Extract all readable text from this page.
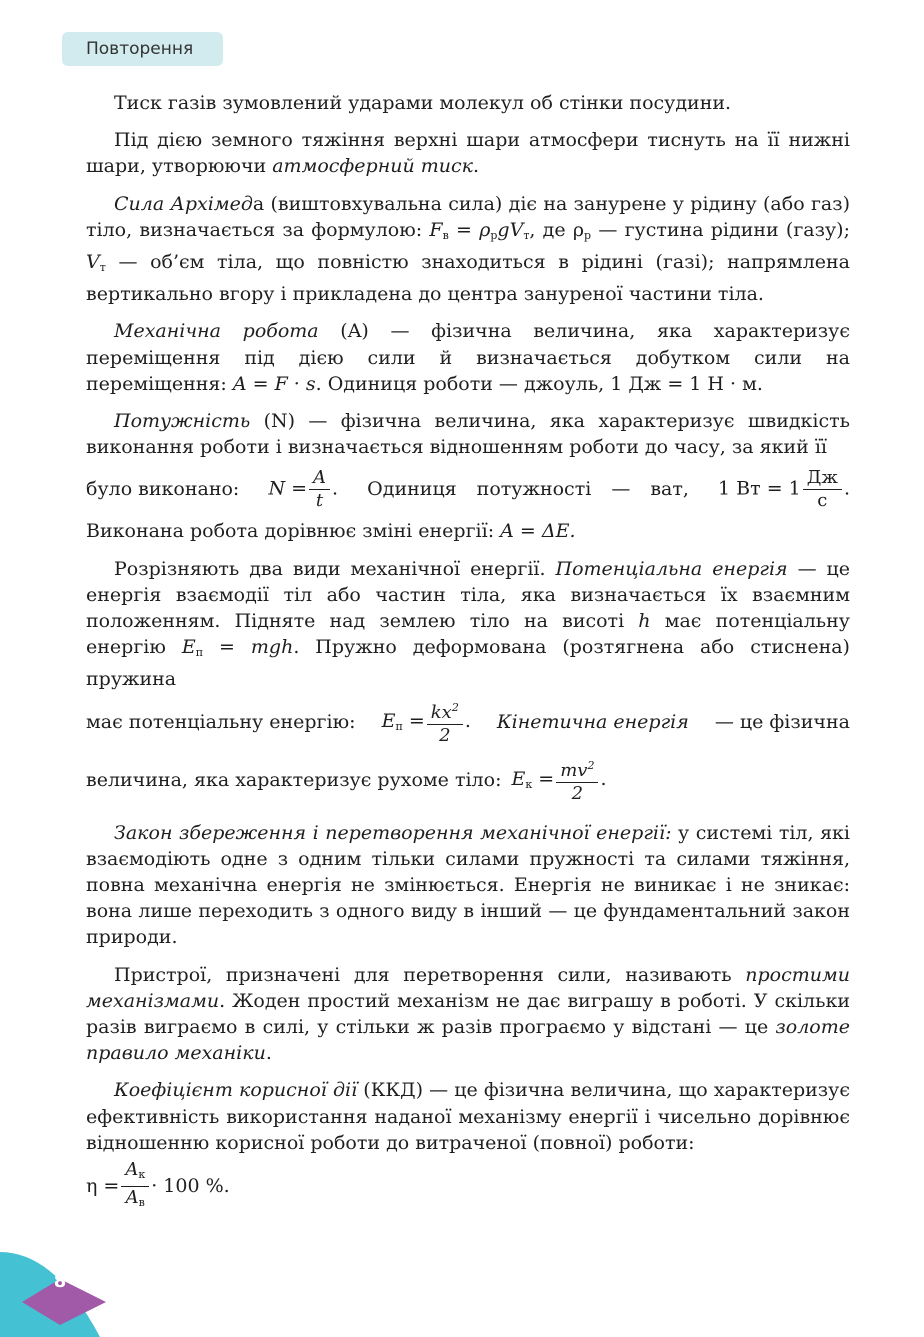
Повторення

Тиск газів зумовлений ударами молекул об стінки посудини.

Під дією земного тяжіння верхні шари атмосфери тиснуть на її нижні шари, утворюючи атмосферний тиск.

Сила Архімеда (виштовхувальна сила) діє на занурене у рідину (або газ) тіло, визначається за формулою: $F_в = \rho_рgV_т$, де $\rho_р$ — густина рідини (газу); $V_т$ — об’єм тіла, що повністю знаходиться в рідині (газі); напрямлена вертикально вгору і прикладена до центра зануреної частини тіла.

Механічна робота (A) — фізична величина, яка характеризує переміщення під дією сили й визначається добутком сили на переміщення: A = F · s. Одиниця роботи — джоуль, 1 Дж = 1 Н · м.

Потужність (N) — фізична величина, яка характеризує швидкість виконання роботи і визначається відношенням роботи до часу, за який її
було виконано: $N = \frac{A}{t}$ . Одиниця потужності — ват, 1 Вт = $1 \frac{Дж}{с}$ .
Виконана робота дорівнює зміні енергії: A = ΔE.
Розрізняють два види механічної енергії. Потенціальна енергія — це енергія взаємодії тіл або частин тіла, яка визначається їх взаємним положенням. Підняте над землею тіло на висоті h має потенціальну енергію $E_п$ = mgh. Пружно деформована (розтягнена або стиснена) пружина
має потенціальну енергію: $E_п = \frac{kx^2}{2}$ . Кінетична енергія — це фізична
величина, яка характеризує рухоме тіло: $E_к = \frac{mv^2}{2}$ .

Закон збереження і перетворення механічної енергії: у системі тіл, які взаємодіють одне з одним тільки силами пружності та силами тяжіння, повна механічна енергія не змінюється. Енергія не виникає і не зникає: вона лише переходить з одного виду в інший — це фундаментальний закон природи.

Пристрої, призначені для перетворення сили, називають простими механізмами. Жоден простий механізм не дає виграшу в роботі. У скільки разів виграємо в силі, у стільки ж разів програємо у відстані — це золоте правило механіки.

Коефіцієнт корисної дії (ККД) — це фізична величина, що характеризує ефективність використання наданої механізму енергії і чисельно дорівнює відношенню корисної роботи до витраченої (повної) роботи:
$\eta = \frac{A_к}{A_в} \cdot 100$ % .
8
